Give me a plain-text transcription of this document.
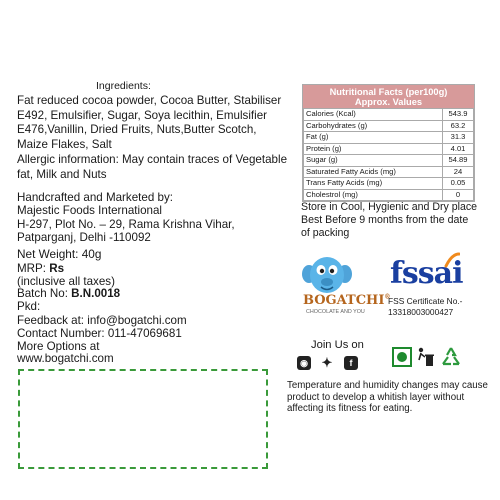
Ingredients:
Fat reduced cocoa powder, Cocoa Butter, Stabiliser E492, Emulsifier, Sugar, Soya lecithin, Emulsifier E476,Vanillin, Dried Fruits, Nuts,Butter Scotch, Maize Flakes, Salt
Allergic information: May contain traces of Vegetable fat, Milk and Nuts
Handcrafted and Marketed by:
Majestic Foods International
H-297, Plot No. – 29, Rama Krishna Vihar,
Patparganj, Delhi -110092
Net Weight: 40g
MRP: Rs
(inclusive all taxes)
Batch No: B.N.0018
Pkd:
Feedback at: info@bogatchi.com
Contact Number: 011-47069681
More Options at
www.bogatchi.com
Nutritional Facts (per100g)
Approx. Values
Calories (Kcal)	543.9
Carbohydrates (g)	63.2
Fat (g)	31.3
Protein (g)	4.01
Sugar (g)	54.89
Saturated Fatty Acids (mg)	24
Trans Fatty Acids (mg)	0.05
Cholestrol (mg)	0
Store in Cool, Hygienic and Dry place
Best Before 9 months from the date
of packing
BOGATCHI®
CHOCOLATE AND YOU
fssai
FSS Certificate No.-
13318003000427
Join Us on
◉ ✦	f
Temperature and humidity changes may cause product to develop a whitish layer without affecting its fitness for eating.
